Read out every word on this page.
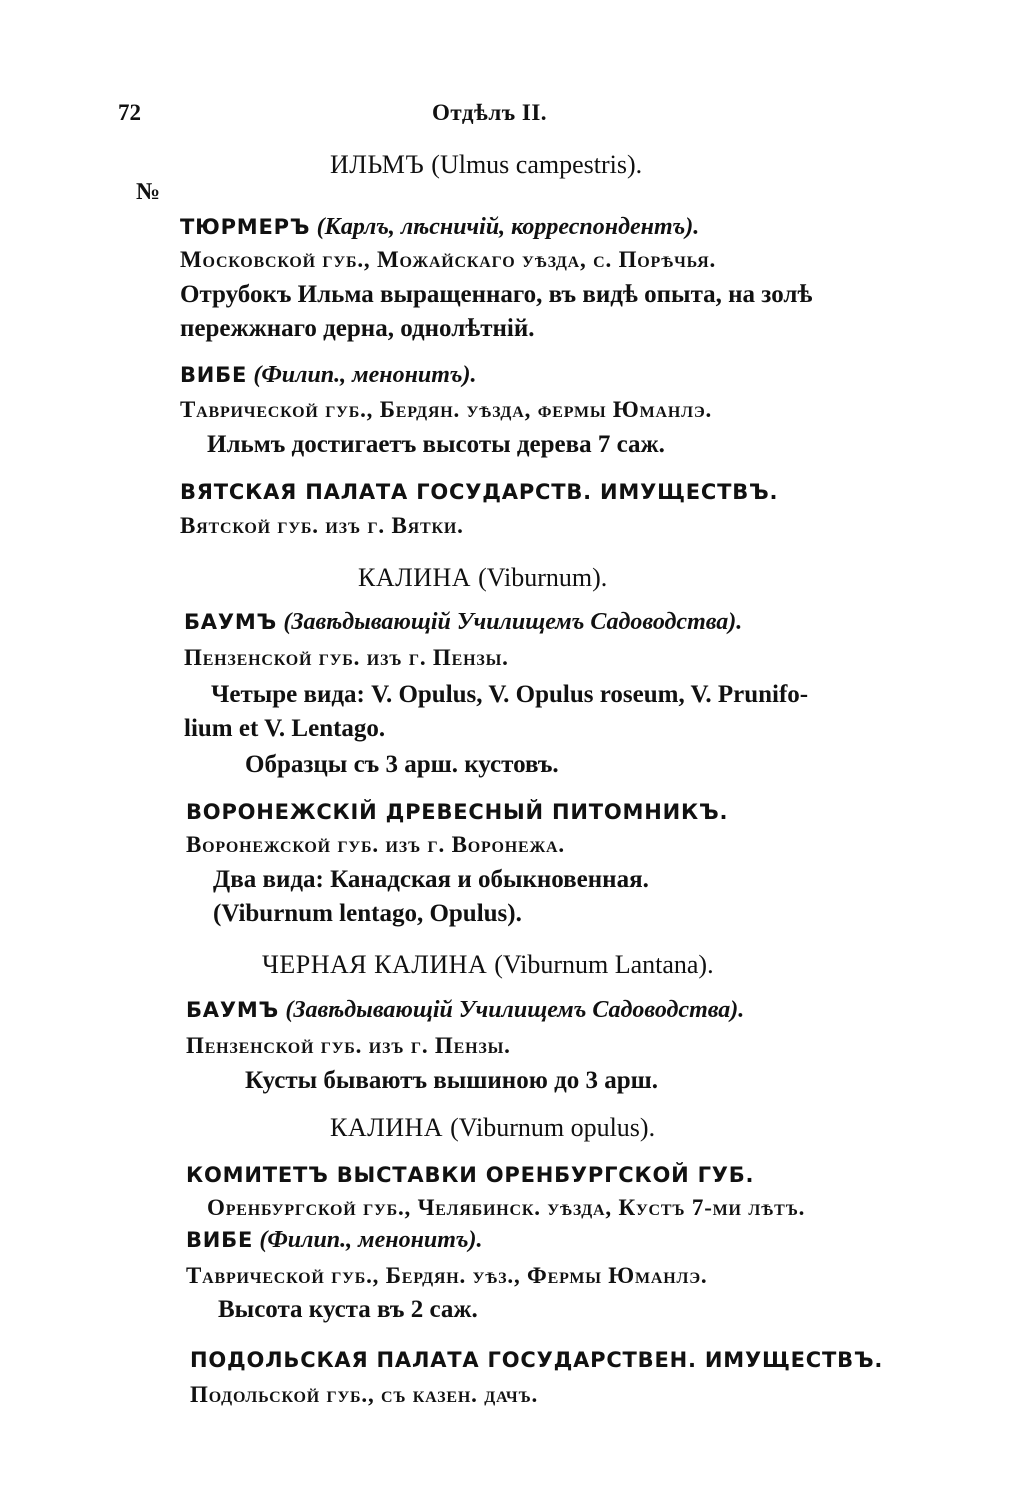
72	Отдѣлъ II.
№
ИЛЬМЪ (Ulmus campestris).
ТЮРМЕРЪ (Карлъ, лѣсничій, корреспондентъ).
Московской губ., Можайскаго уѣзда, с. Порѣчья.
Отрубокъ Ильма выращеннаго, въ видѣ опыта, на золѣ
пережжнаго дерна, однолѣтній.
ВИБЕ (Филип., менонитъ).
Таврической губ., Бердян. уѣзда, фермы Юманлэ.
Ильмъ достигаетъ высоты дерева 7 саж.
ВЯТСКАЯ ПАЛАТА ГОСУДАРСТВ. ИМУЩЕСТВЪ.
Вятской губ. изъ г. Вятки.
КАЛИНА (Viburnum).
БАУМЪ (Завѣдывающій Училищемъ Садоводства).
Пензенской губ. изъ г. Пензы.
Четыре вида: V. Opulus, V. Opulus roseum, V. Prunifo-
lium et V. Lentago.
Образцы съ 3 арш. кустовъ.
ВОРОНЕЖСКІЙ ДРЕВЕСНЫЙ ПИТОМНИКЪ.
Воронежской губ. изъ г. Воронежа.
Два вида: Канадская и обыкновенная.
(Viburnum lentago, Opulus).
ЧЕРНАЯ КАЛИНА (Viburnum Lantana).
БАУМЪ (Завѣдывающій Училищемъ Садоводства).
Пензенской губ. изъ г. Пензы.
Кусты бываютъ вышиною до 3 арш.
КАЛИНА (Viburnum opulus).
КОМИТЕТЪ ВЫСТАВКИ ОРЕНБУРГСКОЙ ГУБ.
Оренбургской губ., Челябинск. уѣзда, Кустъ 7-ми лѣтъ.
ВИБЕ (Филип., менонитъ).
Таврической губ., Бердян. уѣз., Фермы Юманлэ.
Высота куста въ 2 саж.
ПОДОЛЬСКАЯ ПАЛАТА ГОСУДАРСТВЕН. ИМУЩЕСТВЪ.
Подольской губ., съ казен. дачъ.
